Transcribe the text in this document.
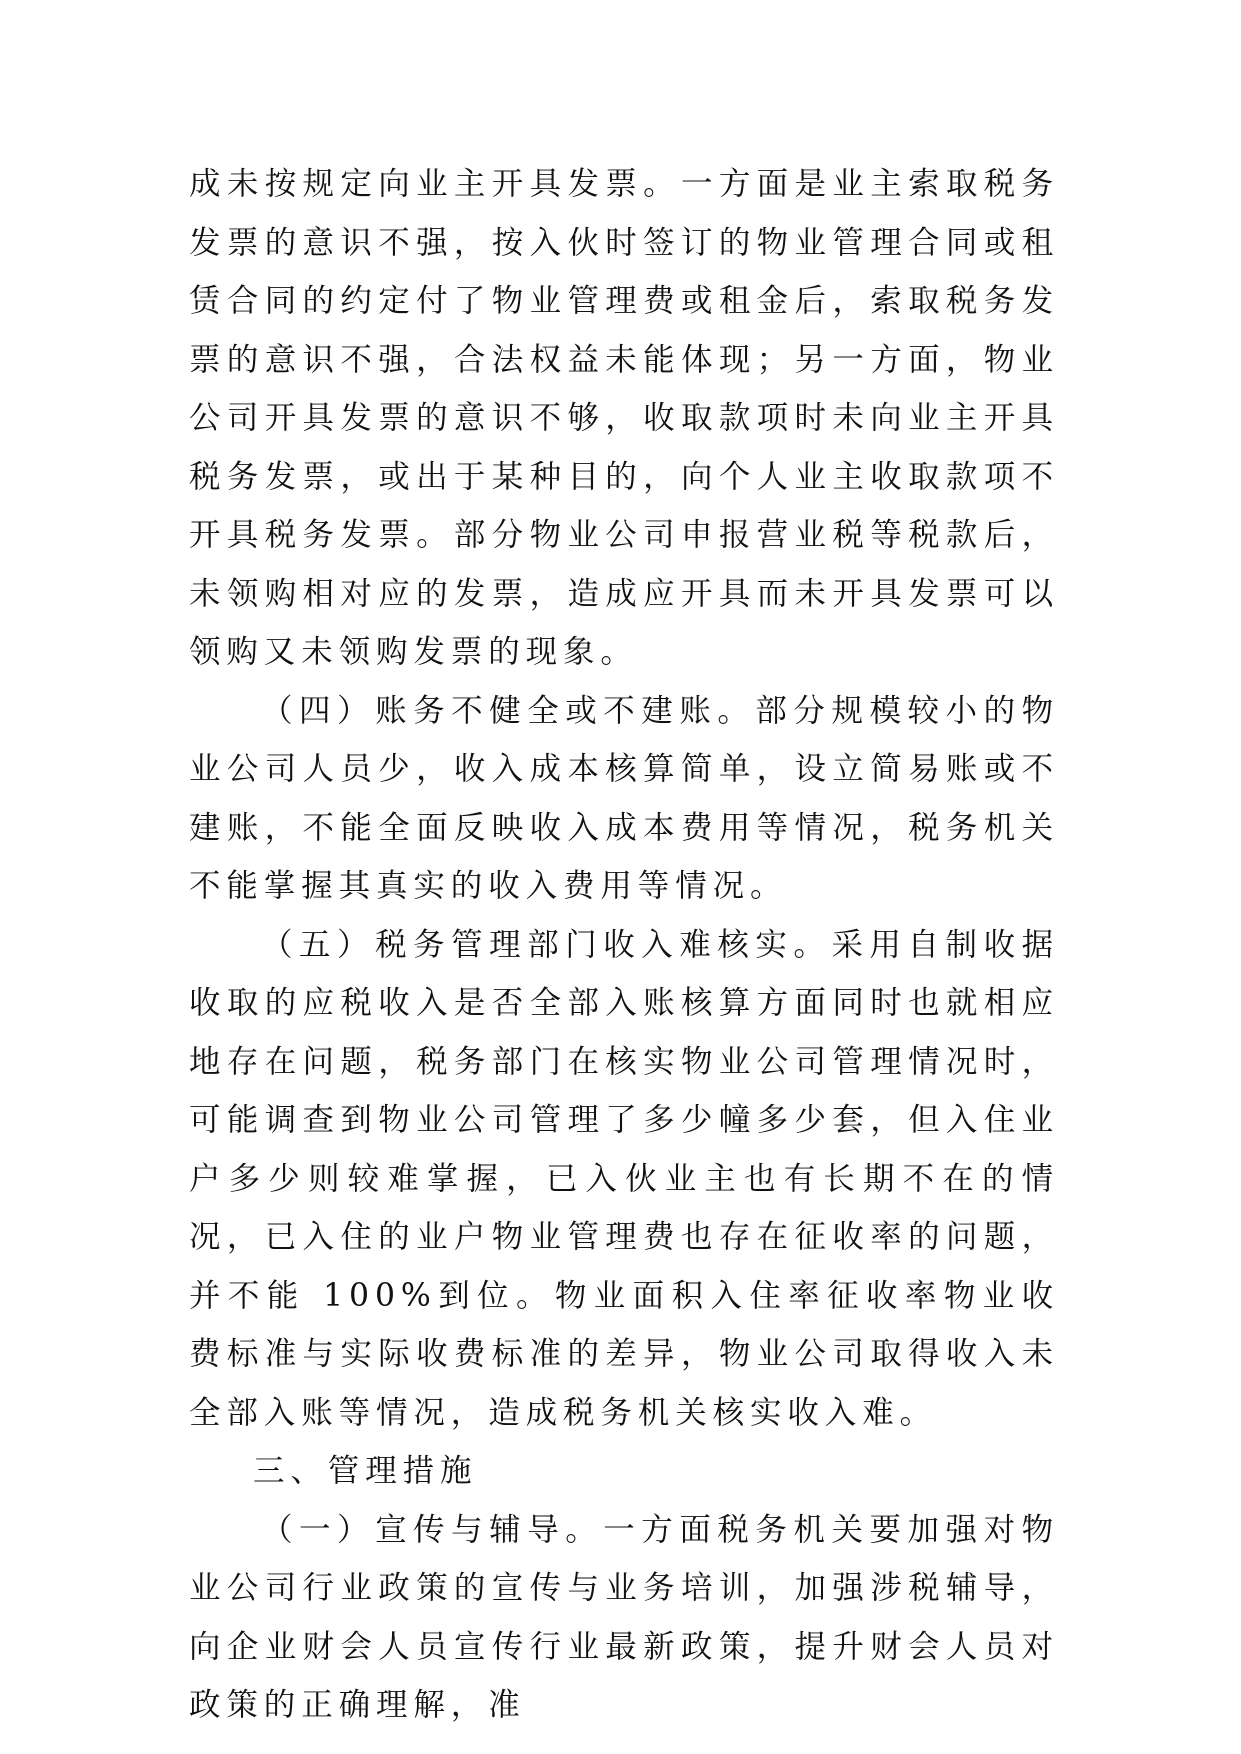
成未按规定向业主开具发票。一方面是业主索取税务发票的意识不强，按入伙时签订的物业管理合同或租赁合同的约定付了物业管理费或租金后，索取税务发票的意识不强，合法权益未能体现；另一方面，物业公司开具发票的意识不够，收取款项时未向业主开具税务发票，或出于某种目的，向个人业主收取款项不开具税务发票。部分物业公司申报营业税等税款后，未领购相对应的发票，造成应开具而未开具发票可以领购又未领购发票的现象。

（四）账务不健全或不建账。部分规模较小的物业公司人员少，收入成本核算简单，设立简易账或不建账，不能全面反映收入成本费用等情况，税务机关不能掌握其真实的收入费用等情况。

（五）税务管理部门收入难核实。采用自制收据收取的应税收入是否全部入账核算方面同时也就相应地存在问题，税务部门在核实物业公司管理情况时，可能调查到物业公司管理了多少幢多少套，但入住业户多少则较难掌握，已入伙业主也有长期不在的情况，已入住的业户物业管理费也存在征收率的问题，并不能 100%到位。物业面积入住率征收率物业收费标准与实际收费标准的差异，物业公司取得收入未全部入账等情况，造成税务机关核实收入难。

三、管理措施

（一）宣传与辅导。一方面税务机关要加强对物业公司行业政策的宣传与业务培训，加强涉税辅导，向企业财会人员宣传行业最新政策，提升财会人员对政策的正确理解，准
